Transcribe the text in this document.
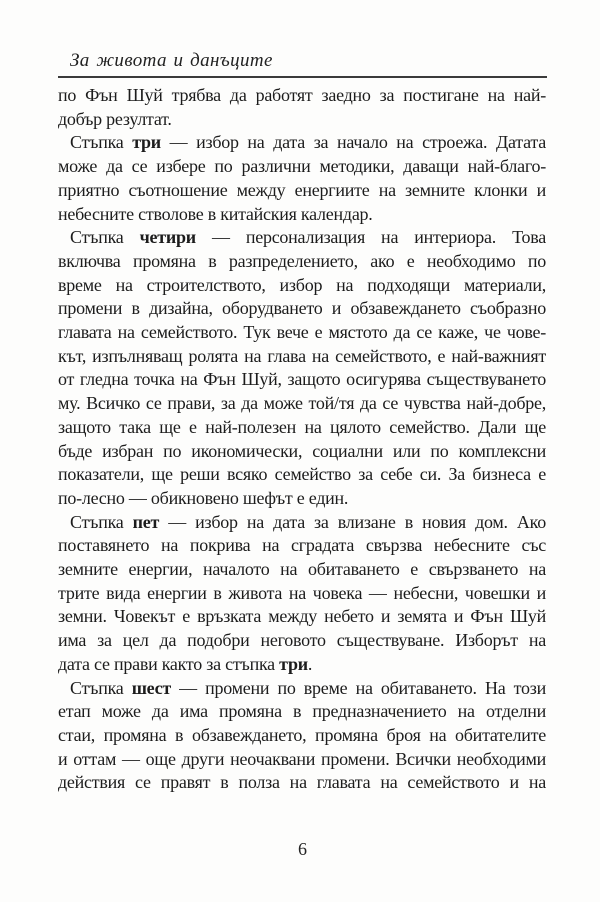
За живота и данъците
по Фън Шуй трябва да работят заедно за постигане на най-
добър резултат.
Стъпка три — избор на дата за начало на строежа. Датата
може да се избере по различни методики, даващи най-благо-
приятно съотношение между енергиите на земните клонки и
небесните стволове в китайския календар.
Стъпка четири — персонализация на интериора. Това
включва промяна в разпределението, ако е необходимо по
време на строителството, избор на подходящи материали,
промени в дизайна, оборудването и обзавеждането съобразно
главата на семейството. Тук вече е мястото да се каже, че чове-
кът, изпълняващ ролята на глава на семейството, е най-важният
от гледна точка на Фън Шуй, защото осигурява съществуването
му. Всичко се прави, за да може той/тя да се чувства най-добре,
защото така ще е най-полезен на цялото семейство. Дали ще
бъде избран по икономически, социални или по комплексни
показатели, ще реши всяко семейство за себе си. За бизнеса е
по-лесно — обикновено шефът е един.
Стъпка пет — избор на дата за влизане в новия дом. Ако
поставянето на покрива на сградата свързва небесните със
земните енергии, началото на обитаването е свързването на
трите вида енергии в живота на човека — небесни, човешки и
земни. Човекът е връзката между небето и земята и Фън Шуй
има за цел да подобри неговото съществуване. Изборът на
дата се прави както за стъпка три.
Стъпка шест — промени по време на обитаването. На този
етап може да има промяна в предназначението на отделни
стаи, промяна в обзавеждането, промяна броя на обитателите
и оттам — още други неочаквани промени. Всички необходими
действия се правят в полза на главата на семейството и на
6
